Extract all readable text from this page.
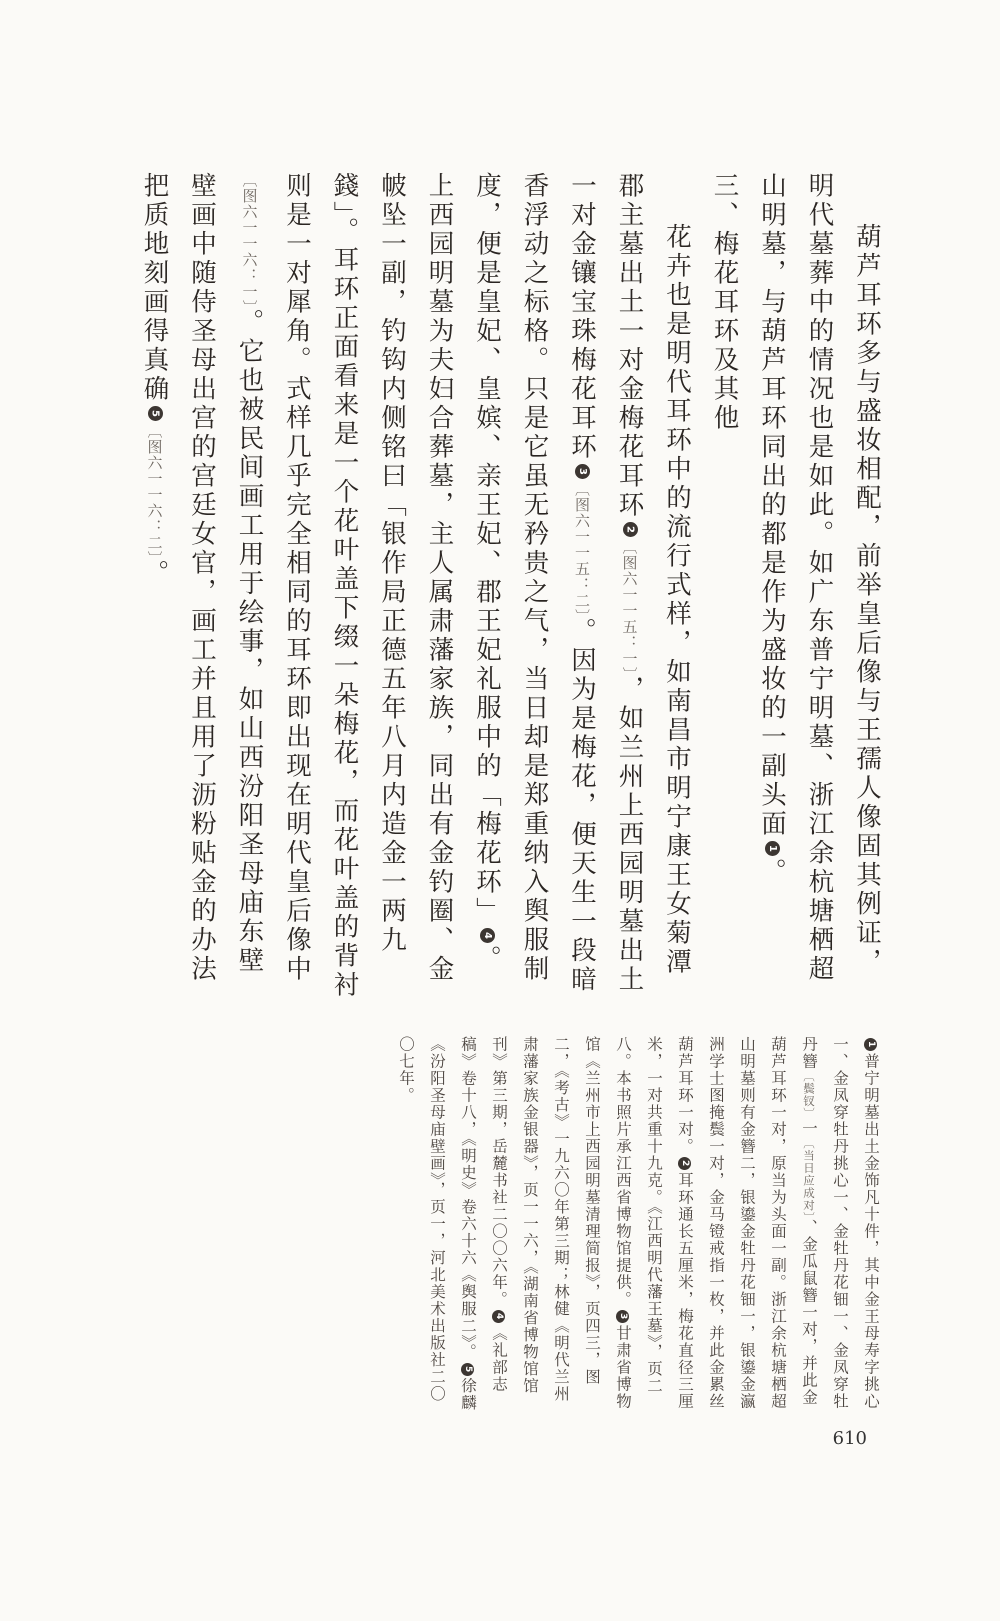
葫芦耳环多与盛妆相配，前举皇后像与王孺人像固其例证，明代墓葬中的情况也是如此。如广东普宁明墓、浙江余杭塘栖超山明墓，与葫芦耳环同出的都是作为盛妆的一副头面1。

三、梅花耳环及其他

花卉也是明代耳环中的流行式样，如南昌市明宁康王女菊潭郡主墓出土一对金梅花耳环2〔图六一一五：一〕，如兰州上西园明墓出土一对金镶宝珠梅花耳环3〔图六一一五：二〕。因为是梅花，便天生一段暗香浮动之标格。只是它虽无矜贵之气，当日却是郑重纳入舆服制度，便是皇妃、皇嫔、亲王妃、郡王妃礼服中的「梅花环」4。上西园明墓为夫妇合葬墓，主人属肃藩家族，同出有金钓圈、金帔坠一副，钓钩内侧铭曰「银作局正德五年八月内造金一两九錢」。耳环正面看来是一个花叶盖下缀一朵梅花，而花叶盖的背衬则是一对犀角。式样几乎完全相同的耳环即出现在明代皇后像中〔图六一一六：一〕。它也被民间画工用于绘事，如山西汾阳圣母庙东壁壁画中随侍圣母出宫的宫廷女官，画工并且用了沥粉贴金的办法把质地刻画得真确5〔图六一一六：二〕。

1普宁明墓出土金饰凡十件，其中金王母寿字挑心一、金凤穿牡丹挑心一、金牡丹花钿一、金凤穿牡丹簪〔鬓钗〕一〔当日应成对〕、金瓜鼠簪一对，并此金葫芦耳环一对，原当为头面一副。浙江余杭塘栖超山明墓则有金簪二，银鎏金牡丹花钿一，银鎏金瀛洲学士图掩鬓一对，金马镫戒指一枚，并此金累丝葫芦耳环一对。2耳环通长五厘米，梅花直径三厘米，一对共重十九克。《江西明代藩王墓》，页二八。本书照片承江西省博物馆提供。3甘肃省博物馆《兰州市上西园明墓清理简报》，页四三，图二，《考古》一九六〇年第三期；林健《明代兰州肃藩家族金银器》，页一一六，《湖南省博物馆馆刊》第三期，岳麓书社二〇〇六年。4《礼部志稿》卷十八，《明史》卷六十六《舆服二》。5徐麟《汾阳圣母庙壁画》，页一，河北美术出版社二〇〇七年。

610
